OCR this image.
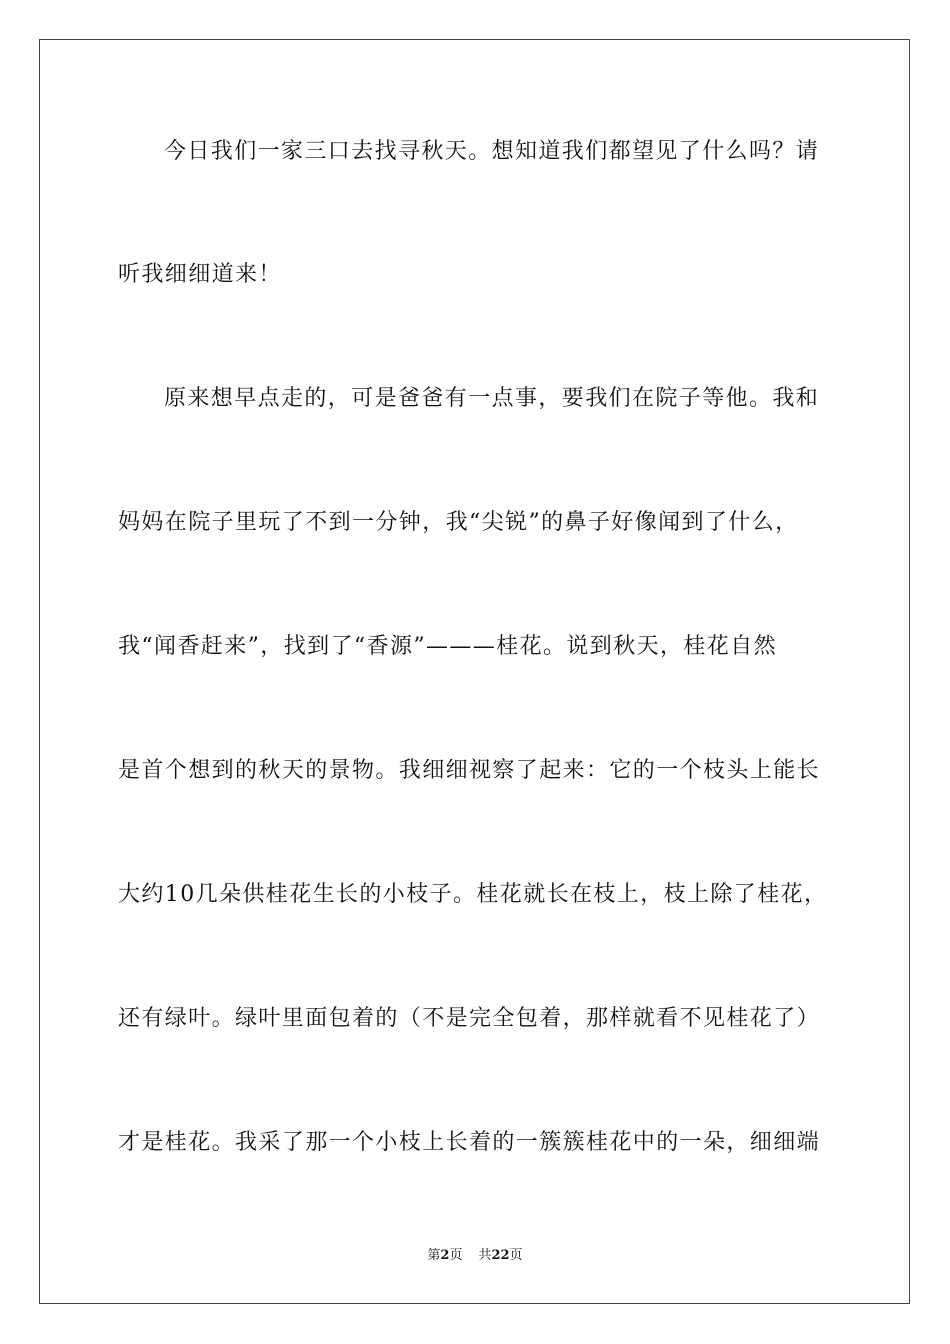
今日我们一家三口去找寻秋天。想知道我们都望见了什么吗？请
听我细细道来！
原来想早点走的，可是爸爸有一点事，要我们在院子等他。我和
妈妈在院子里玩了不到一分钟，我“尖锐”的鼻子好像闻到了什么，
我“闻香赶来”，找到了“香源”———桂花。说到秋天，桂花自然
是首个想到的秋天的景物。我细细视察了起来：它的一个枝头上能长
大约10几朵供桂花生长的小枝子。桂花就长在枝上，枝上除了桂花，
还有绿叶。绿叶里面包着的（不是完全包着，那样就看不见桂花了）
才是桂花。我采了那一个小枝上长着的一簇簇桂花中的一朵，细细端
第2页 共22页
